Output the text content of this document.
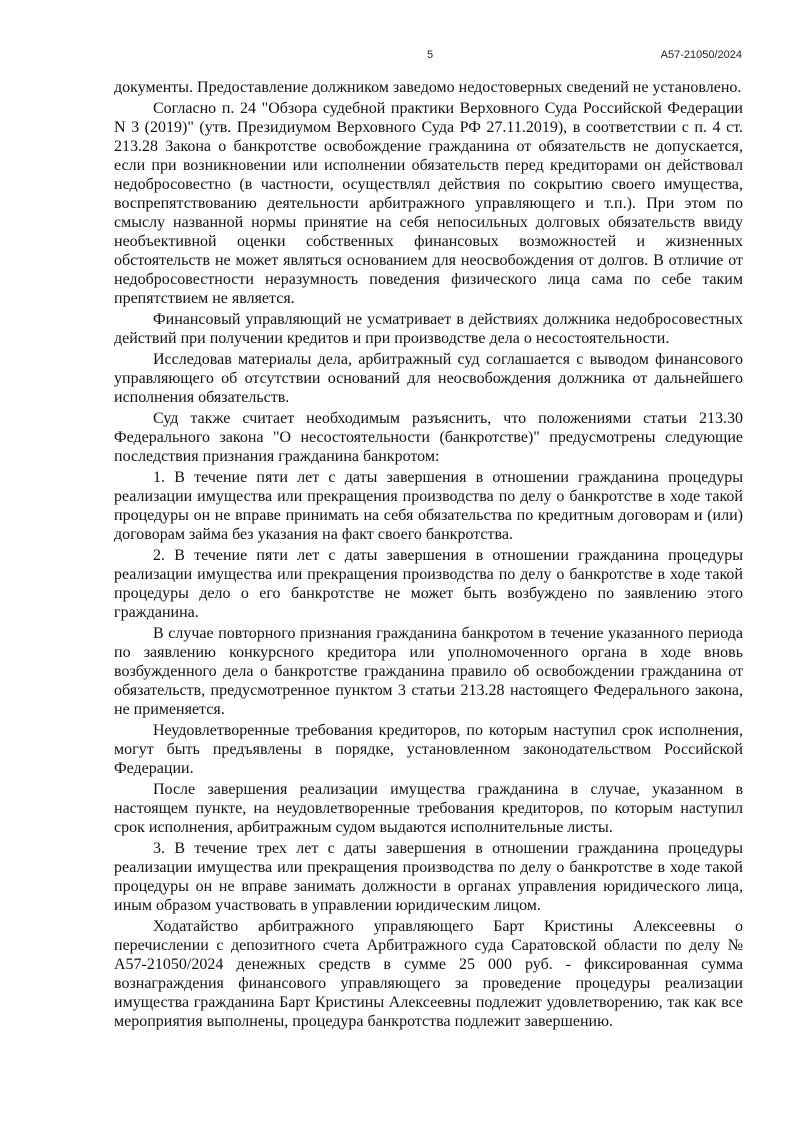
5	А57-21050/2024

документы. Предоставление должником заведомо недостоверных сведений не установлено.

Согласно п. 24 "Обзора судебной практики Верховного Суда Российской Федерации N 3 (2019)" (утв. Президиумом Верховного Суда РФ 27.11.2019), в соответствии с п. 4 ст. 213.28 Закона о банкротстве освобождение гражданина от обязательств не допускается, если при возникновении или исполнении обязательств перед кредиторами он действовал недобросовестно (в частности, осуществлял действия по сокрытию своего имущества, воспрепятствованию деятельности арбитражного управляющего и т.п.). При этом по смыслу названной нормы принятие на себя непосильных долговых обязательств ввиду необъективной оценки собственных финансовых возможностей и жизненных обстоятельств не может являться основанием для неосвобождения от долгов. В отличие от недобросовестности неразумность поведения физического лица сама по себе таким препятствием не является.

Финансовый управляющий не усматривает в действиях должника недобросовестных действий при получении кредитов и при производстве дела о несостоятельности.

Исследовав материалы дела, арбитражный суд соглашается с выводом финансового управляющего об отсутствии оснований для неосвобождения должника от дальнейшего исполнения обязательств.

Суд также считает необходимым разъяснить, что положениями статьи 213.30 Федерального закона "О несостоятельности (банкротстве)" предусмотрены следующие последствия признания гражданина банкротом:

1. В течение пяти лет с даты завершения в отношении гражданина процедуры реализации имущества или прекращения производства по делу о банкротстве в ходе такой процедуры он не вправе принимать на себя обязательства по кредитным договорам и (или) договорам займа без указания на факт своего банкротства.

2. В течение пяти лет с даты завершения в отношении гражданина процедуры реализации имущества или прекращения производства по делу о банкротстве в ходе такой процедуры дело о его банкротстве не может быть возбуждено по заявлению этого гражданина.

В случае повторного признания гражданина банкротом в течение указанного периода по заявлению конкурсного кредитора или уполномоченного органа в ходе вновь возбужденного дела о банкротстве гражданина правило об освобождении гражданина от обязательств, предусмотренное пунктом 3 статьи 213.28 настоящего Федерального закона, не применяется.

Неудовлетворенные требования кредиторов, по которым наступил срок исполнения, могут быть предъявлены в порядке, установленном законодательством Российской Федерации.

После завершения реализации имущества гражданина в случае, указанном в настоящем пункте, на неудовлетворенные требования кредиторов, по которым наступил срок исполнения, арбитражным судом выдаются исполнительные листы.

3. В течение трех лет с даты завершения в отношении гражданина процедуры реализации имущества или прекращения производства по делу о банкротстве в ходе такой процедуры он не вправе занимать должности в органах управления юридического лица, иным образом участвовать в управлении юридическим лицом.

Ходатайство арбитражного управляющего Барт Кристины Алексеевны о перечислении с депозитного счета Арбитражного суда Саратовской области по делу № А57-21050/2024 денежных средств в сумме 25 000 руб. - фиксированная сумма вознаграждения финансового управляющего за проведение процедуры реализации имущества гражданина Барт Кристины Алексеевны подлежит удовлетворению, так как все мероприятия выполнены, процедура банкротства подлежит завершению.
